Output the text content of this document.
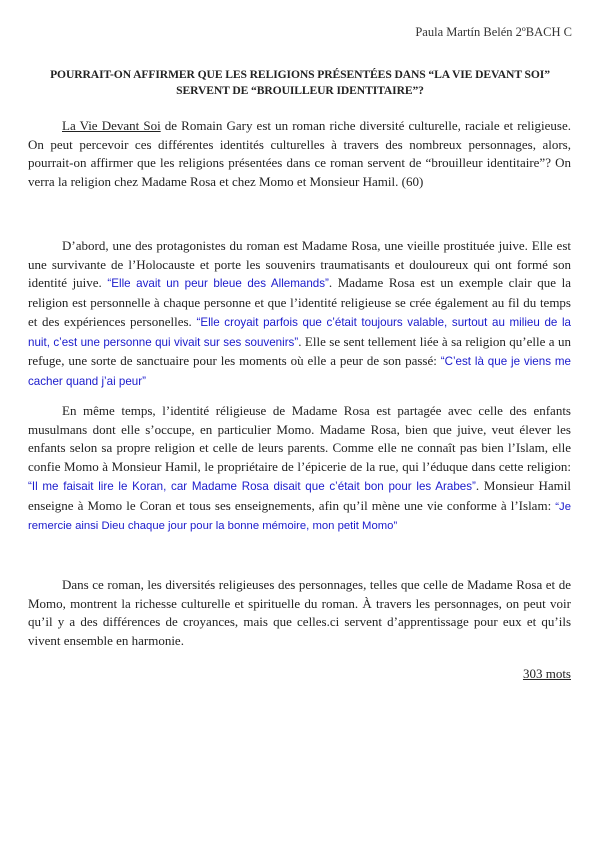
Paula Martín Belén 2ºBACH C
POURRAIT-ON AFFIRMER QUE LES RELIGIONS PRÉSENTÉES DANS “LA VIE DEVANT SOI”
SERVENT DE “BROUILLEUR IDENTITAIRE”?

La Vie Devant Soi de Romain Gary est un roman riche diversité culturelle, raciale et religieuse. On peut percevoir ces différentes identités culturelles à travers des nombreux personnages, alors, pourrait-on affirmer que les religions présentées dans ce roman servent de “brouilleur identitaire”? On verra la religion chez Madame Rosa et chez Momo et Monsieur Hamil. (60)

D’abord, une des protagonistes du roman est Madame Rosa, une vieille prostituée juive. Elle est une survivante de l’Holocauste et porte les souvenirs traumatisants et douloureux qui ont formé son identité juive. “Elle avait un peur bleue des Allemands”. Madame Rosa est un exemple clair que la religion est personnelle à chaque personne et que l’identité religieuse se crée également au fil du temps et des expériences personelles. “Elle croyait parfois que c’était toujours valable, surtout au milieu de la nuit, c’est une personne qui vivait sur ses souvenirs”. Elle se sent tellement liée à sa religion qu’elle a un refuge, une sorte de sanctuaire pour les moments où elle a peur de son passé: “C’est là que je viens me cacher quand j’ai peur”

En même temps, l’identité réligieuse de Madame Rosa est partagée avec celle des enfants musulmans dont elle s’occupe, en particulier Momo. Madame Rosa, bien que juive, veut élever les enfants selon sa propre religion et celle de leurs parents. Comme elle ne connaît pas bien l’Islam, elle confie Momo à Monsieur Hamil, le propriétaire de l’épicerie de la rue, qui l’éduque dans cette religion: “Il me faisait lire le Koran, car Madame Rosa disait que c’était bon pour les Arabes”. Monsieur Hamil enseigne à Momo le Coran et tous ses enseignements, afin qu’il mène une vie conforme à l’Islam: “Je remercie ainsi Dieu chaque jour pour la bonne mémoire, mon petit Momo”

Dans ce roman, les diversités religieuses des personnages, telles que celle de Madame Rosa et de Momo, montrent la richesse culturelle et spirituelle du roman. À travers les personnages, on peut voir qu’il y a des différences de croyances, mais que celles.ci servent d’apprentissage pour eux et qu’ils vivent ensemble en harmonie.

303 mots
